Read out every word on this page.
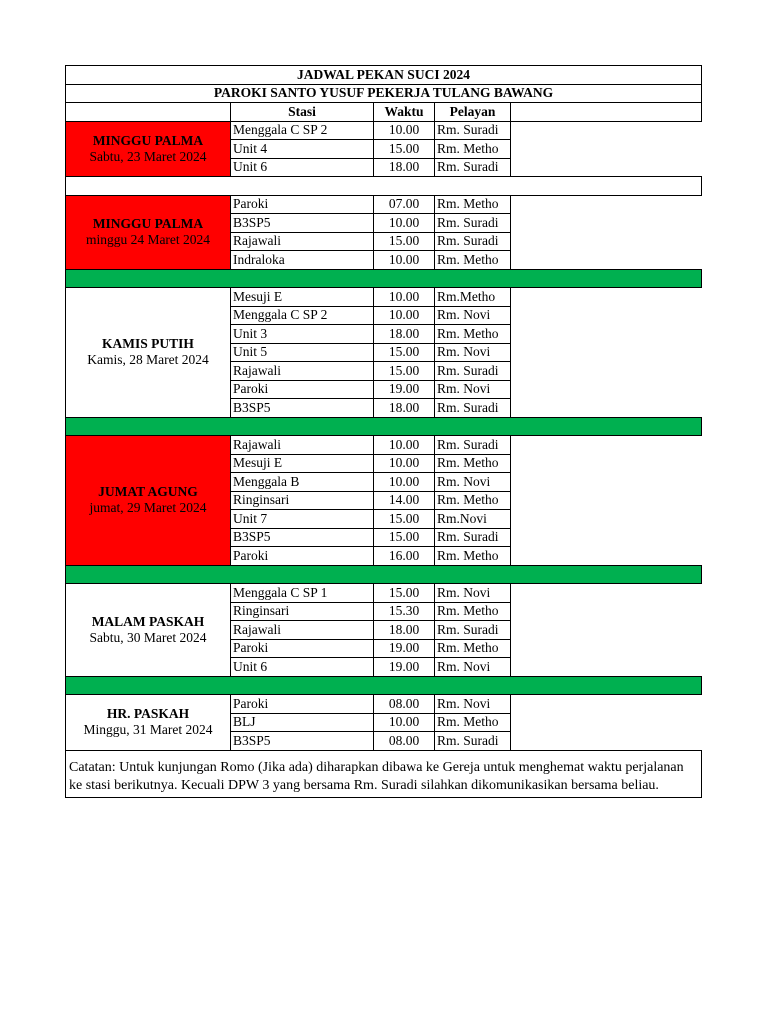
JADWAL PEKAN SUCI 2024				
PAROKI SANTO YUSUF PEKERJA TULANG BAWANG				
	Stasi	Waktu	Pelayan	

MINGGU PALMA
Sabtu, 23 Maret 2024	Menggala C SP 2	10.00	Rm. Suradi	
	Unit 4	15.00	Rm. Metho	
	Unit 6	18.00	Rm. Suradi	

MINGGU PALMA
minggu 24 Maret 2024	Paroki	07.00	Rm. Metho	
	B3SP5	10.00	Rm. Suradi	
	Rajawali	15.00	Rm. Suradi	
	Indraloka	10.00	Rm. Metho	

KAMIS PUTIH
Kamis, 28 Maret 2024	Mesuji E	10.00	Rm.Metho	
	Menggala C SP 2	10.00	Rm. Novi	
	Unit 3	18.00	Rm. Metho	
	Unit 5	15.00	Rm. Novi	
	Rajawali	15.00	Rm. Suradi	
	Paroki	19.00	Rm. Novi	
	B3SP5	18.00	Rm. Suradi	

JUMAT AGUNG
jumat, 29 Maret 2024	Rajawali	10.00	Rm. Suradi	
	Mesuji E	10.00	Rm. Metho	
	Menggala B	10.00	Rm. Novi	
	Ringinsari	14.00	Rm. Metho	
	Unit 7	15.00	Rm.Novi	
	B3SP5	15.00	Rm. Suradi	
	Paroki	16.00	Rm. Metho	

MALAM PASKAH
Sabtu, 30 Maret 2024	Menggala C SP 1	15.00	Rm. Novi	
	Ringinsari	15.30	Rm. Metho	
	Rajawali	18.00	Rm. Suradi	
	Paroki	19.00	Rm. Metho	
	Unit 6	19.00	Rm. Novi	

HR. PASKAH
Minggu, 31 Maret 2024	Paroki	08.00	Rm. Novi	
	BLJ	10.00	Rm. Metho	
	B3SP5	08.00	Rm. Suradi	
Catatan: Untuk kunjungan Romo (Jika ada) diharapkan dibawa ke Gereja untuk menghemat waktu perjalanan ke stasi berikutnya. Kecuali DPW 3 yang bersama Rm. Suradi silahkan dikomunikasikan bersama beliau.				
